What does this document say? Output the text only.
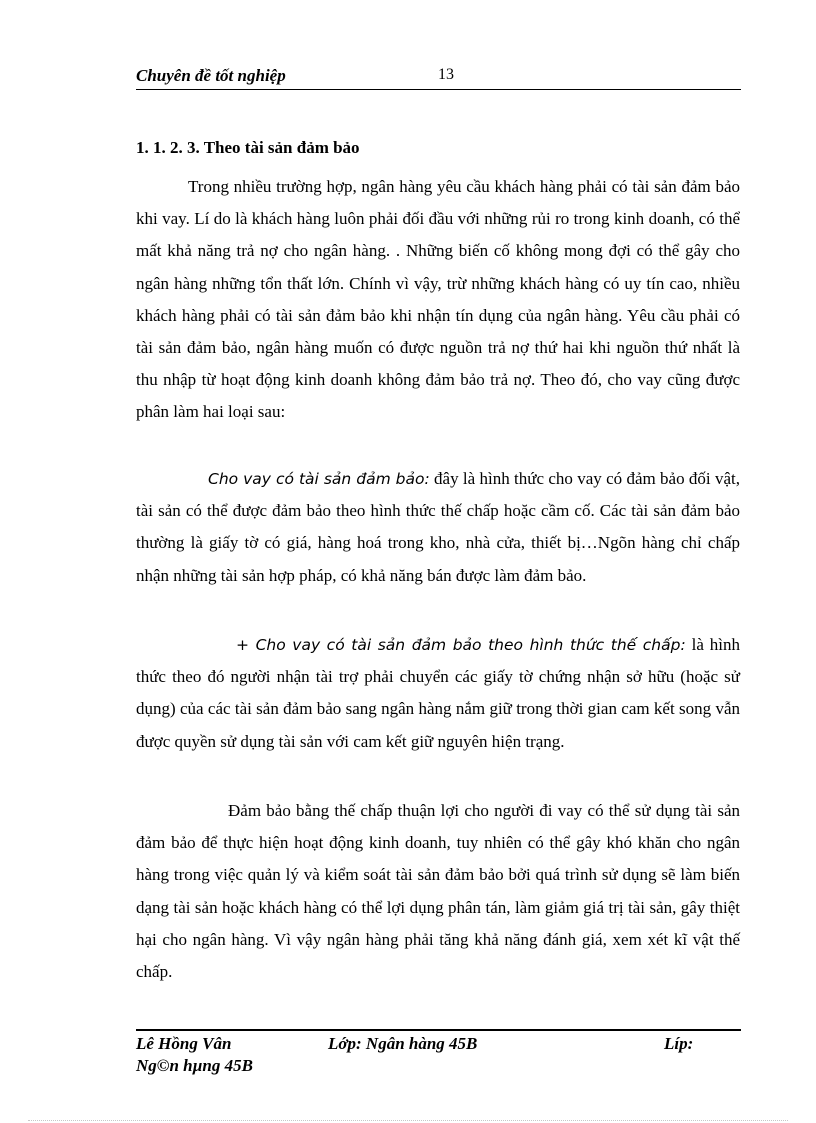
Chuyên đề tốt nghiệp	13
1. 1. 2. 3. Theo tài sản đảm bảo

Trong nhiều trường hợp, ngân hàng yêu cầu khách hàng phải có tài sản đảm bảo khi vay. Lí do là khách hàng luôn phải đối đầu với những rủi ro trong kinh doanh, có thể mất khả năng trả nợ cho ngân hàng. . Những biến cố không mong đợi có thể gây cho ngân hàng những tổn thất lớn. Chính vì vậy, trừ những khách hàng có uy tín cao, nhiều khách hàng phải có tài sản đảm bảo khi nhận tín dụng của ngân hàng. Yêu cầu phải có tài sản đảm bảo, ngân hàng muốn có được nguồn trả nợ thứ hai khi nguồn thứ nhất là thu nhập từ hoạt động kinh doanh không đảm bảo trả nợ. Theo đó, cho vay cũng được phân làm hai loại sau:

Cho vay có tài sản đảm bảo: đây là hình thức cho vay có đảm bảo đối vật, tài sản có thể được đảm bảo theo hình thức thế chấp hoặc cầm cố. Các tài sản đảm bảo thường là giấy tờ có giá, hàng hoá trong kho, nhà cửa, thiết bị…Ngõn hàng chỉ chấp nhận những tài sản hợp pháp, có khả năng bán được làm đảm bảo.

+ Cho vay có tài sản đảm bảo theo hình thức thế chấp: là hình thức theo đó người nhận tài trợ phải chuyển các giấy tờ chứng nhận sở hữu (hoặc sử dụng) của các tài sản đảm bảo sang ngân hàng nắm giữ trong thời gian cam kết song vẫn được quyền sử dụng tài sản với cam kết giữ nguyên hiện trạng.

Đảm bảo bằng thế chấp thuận lợi cho người đi vay có thể sử dụng tài sản đảm bảo để thực hiện hoạt động kinh doanh, tuy nhiên có thể gây khó khăn cho ngân hàng trong việc quản lý và kiểm soát tài sản đảm bảo bởi quá trình sử dụng sẽ làm biến dạng tài sản hoặc khách hàng có thể lợi dụng phân tán, làm giảm giá trị tài sản, gây thiệt hại cho ngân hàng. Vì vậy ngân hàng phải tăng khả năng đánh giá, xem xét kĩ vật thế chấp.

Lê Hồng Vân	Lớp: Ngân hàng 45B	Líp:
Ng©n hµng 45B
